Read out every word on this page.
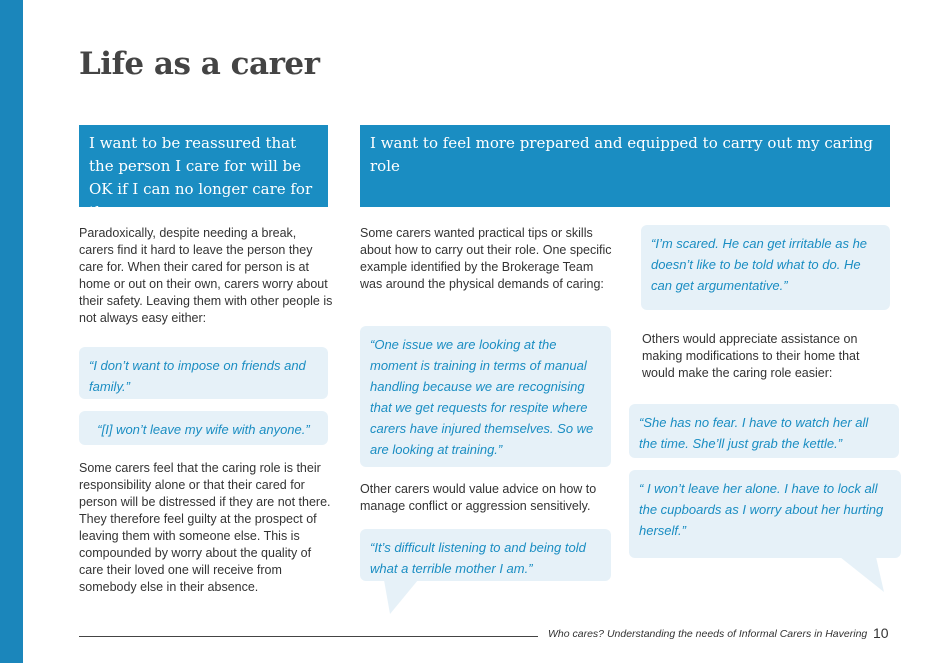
Life as a carer
I want to be reassured that the person I care for will be OK if I can no longer care for them
I want to feel more prepared and equipped to carry out my caring role

Paradoxically, despite needing a break, carers find it hard to leave the person they care for. When their cared for person is at home or out on their own, carers worry about their safety. Leaving them with other people is not always easy either:

“I don’t want to impose on friends and family.”
“[I] won’t leave my wife with anyone.”

Some carers feel that the caring role is their responsibility alone or that their cared for person will be distressed if they are not there. They therefore feel guilty at the prospect of leaving them with someone else. This is compounded by worry about the quality of care their loved one will receive from somebody else in their absence.

Some carers wanted practical tips or skills about how to carry out their role. One specific example identified by the Brokerage Team was around the physical demands of caring:

“One issue we are looking at the moment is training in terms of manual handling because we are recognising that we get requests for respite where carers have injured themselves. So we are looking at training.”

Other carers would value advice on how to manage conflict or aggression sensitively.

“It’s difficult listening to and being told what a terrible mother I am.”
“I’m scared. He can get irritable as he doesn’t like to be told what to do. He can get argumentative.”

Others would appreciate assistance on making modifications to their home that would make the caring role easier:

“She has no fear. I have to watch her all the time. She’ll just grab the kettle.”
“ I won’t leave her alone. I have to lock all the cupboards as I worry about her hurting herself.”
Who cares? Understanding the needs of Informal Carers in Havering 10
